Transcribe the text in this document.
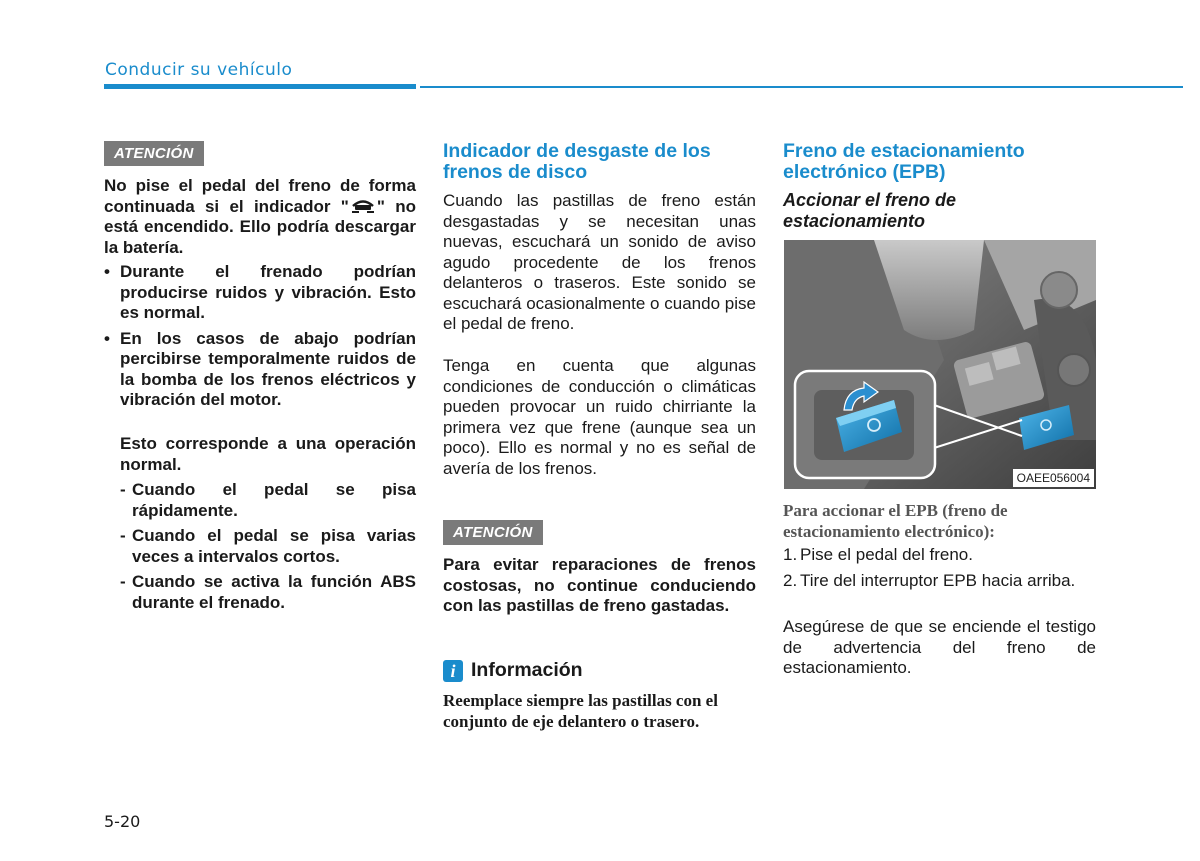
Conducir su vehículo
ATENCIÓN
No pise el pedal del freno de forma continuada si el indicador " " no está encendido. Ello podría descargar la batería.
• Durante el frenado podrían producirse ruidos y vibración. Esto es normal.
• En los casos de abajo podrían percibirse temporalmente ruidos de la bomba de los frenos eléctricos y vibración del motor.
Esto corresponde a una operación normal.
- Cuando el pedal se pisa rápidamente.
- Cuando el pedal se pisa varias veces a intervalos cortos.
- Cuando se activa la función ABS durante el frenado.
Indicador de desgaste de los frenos de disco
Cuando las pastillas de freno están desgastadas y se necesitan unas nuevas, escuchará un sonido de aviso agudo procedente de los frenos delanteros o traseros. Este sonido se escuchará ocasionalmente o cuando pise el pedal de freno.
Tenga en cuenta que algunas condiciones de conducción o climáticas pueden provocar un ruido chirriante la primera vez que frene (aunque sea un poco). Ello es normal y no es señal de avería de los frenos.
ATENCIÓN
Para evitar reparaciones de frenos costosas, no continue conduciendo con las pastillas de freno gastadas.
i Información
Reemplace siempre las pastillas con el conjunto de eje delantero o trasero.
Freno de estacionamiento electrónico (EPB)
Accionar el freno de estacionamiento
OAEE056004
Para accionar el EPB (freno de estacionamiento electrónico):
1. Pise el pedal del freno.
2. Tire del interruptor EPB hacia arriba.
Asegúrese de que se enciende el testigo de advertencia del freno de estacionamiento.
5-20
